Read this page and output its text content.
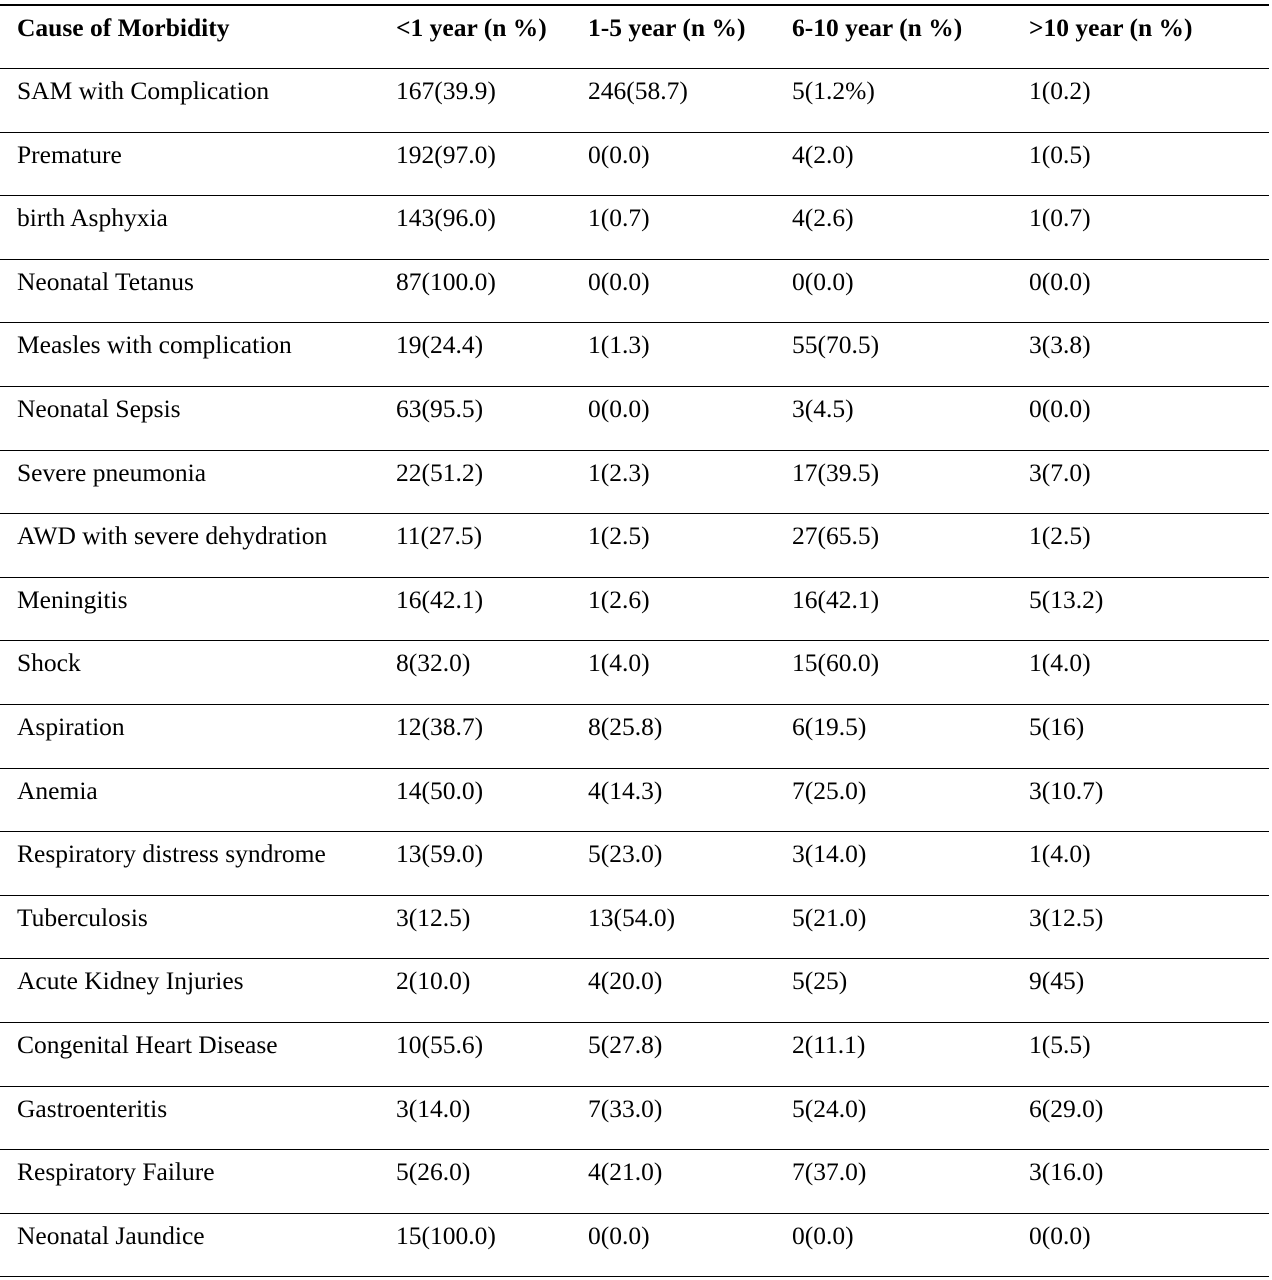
Cause of Morbidity	<1 year (n %)	1-5 year (n %)	6-10 year (n %)	>10 year (n %)
SAM with Complication	167(39.9)	246(58.7)	5(1.2%)	1(0.2)
Premature	192(97.0)	0(0.0)	4(2.0)	1(0.5)
birth Asphyxia	143(96.0)	1(0.7)	4(2.6)	1(0.7)
Neonatal Tetanus	87(100.0)	0(0.0)	0(0.0)	0(0.0)
Measles with complication	19(24.4)	1(1.3)	55(70.5)	3(3.8)
Neonatal Sepsis	63(95.5)	0(0.0)	3(4.5)	0(0.0)
Severe pneumonia	22(51.2)	1(2.3)	17(39.5)	3(7.0)
AWD with severe dehydration	11(27.5)	1(2.5)	27(65.5)	1(2.5)
Meningitis	16(42.1)	1(2.6)	16(42.1)	5(13.2)
Shock	8(32.0)	1(4.0)	15(60.0)	1(4.0)
Aspiration	12(38.7)	8(25.8)	6(19.5)	5(16)
Anemia	14(50.0)	4(14.3)	7(25.0)	3(10.7)
Respiratory distress syndrome	13(59.0)	5(23.0)	3(14.0)	1(4.0)
Tuberculosis	3(12.5)	13(54.0)	5(21.0)	3(12.5)
Acute Kidney Injuries	2(10.0)	4(20.0)	5(25)	9(45)
Congenital Heart Disease	10(55.6)	5(27.8)	2(11.1)	1(5.5)
Gastroenteritis	3(14.0)	7(33.0)	5(24.0)	6(29.0)
Respiratory Failure	5(26.0)	4(21.0)	7(37.0)	3(16.0)
Neonatal Jaundice	15(100.0)	0(0.0)	0(0.0)	0(0.0)
